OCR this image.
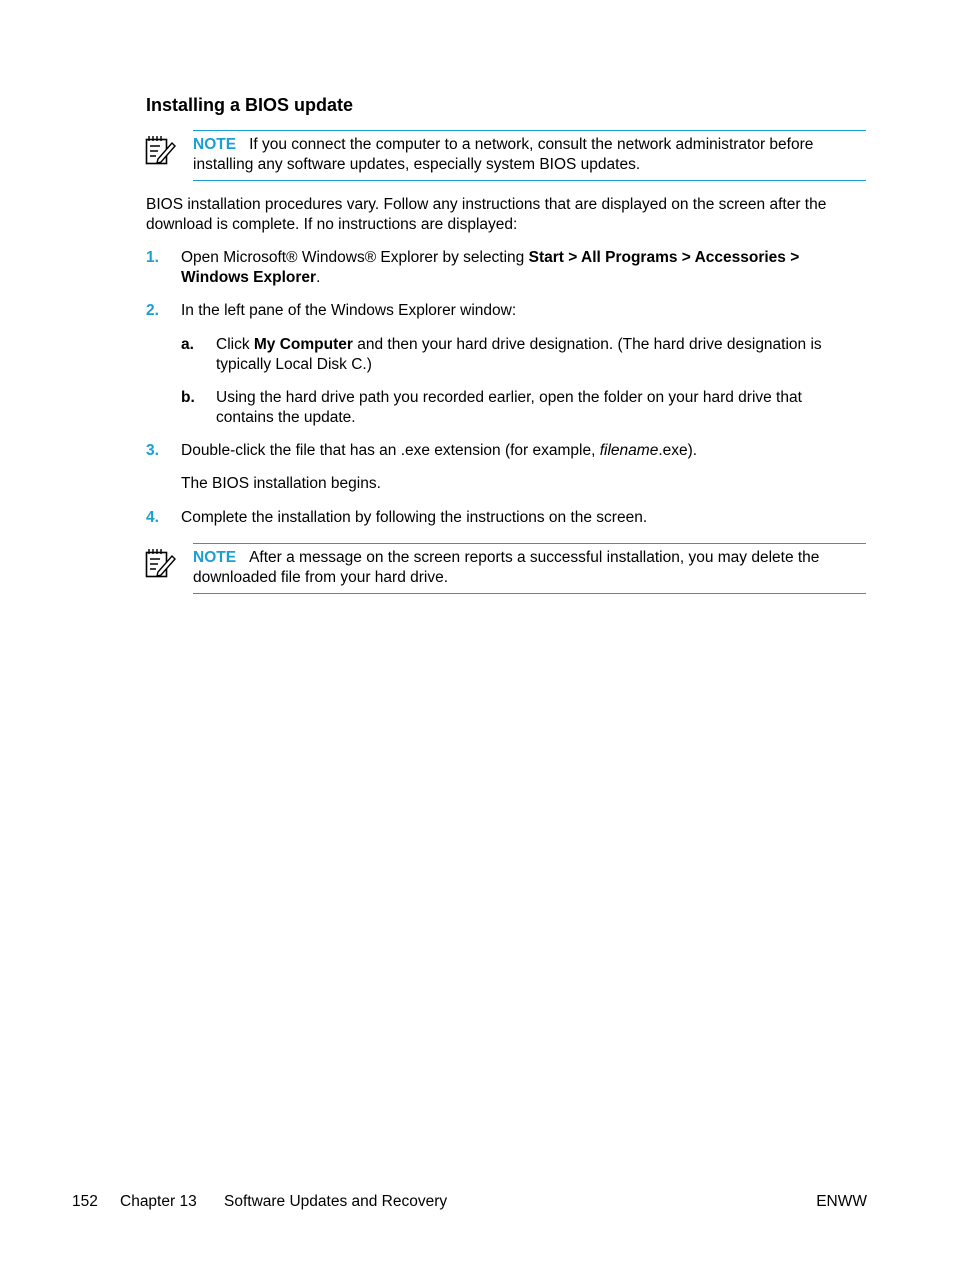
Installing a BIOS update
NOTE If you connect the computer to a network, consult the network administrator before installing any software updates, especially system BIOS updates.

BIOS installation procedures vary. Follow any instructions that are displayed on the screen after the download is complete. If no instructions are displayed:

1. Open Microsoft® Windows® Explorer by selecting Start > All Programs > Accessories >
Windows Explorer.

2. In the left pane of the Windows Explorer window:

a. Click My Computer and then your hard drive designation. (The hard drive designation is
typically Local Disk C.)

b. Using the hard drive path you recorded earlier, open the folder on your hard drive that
contains the update.

3. Double-click the file that has an .exe extension (for example, filename.exe).

The BIOS installation begins.

4. Complete the installation by following the instructions on the screen.

NOTE After a message on the screen reports a successful installation, you may delete the downloaded file from your hard drive.
152 Chapter 13 Software Updates and Recovery	ENWW
